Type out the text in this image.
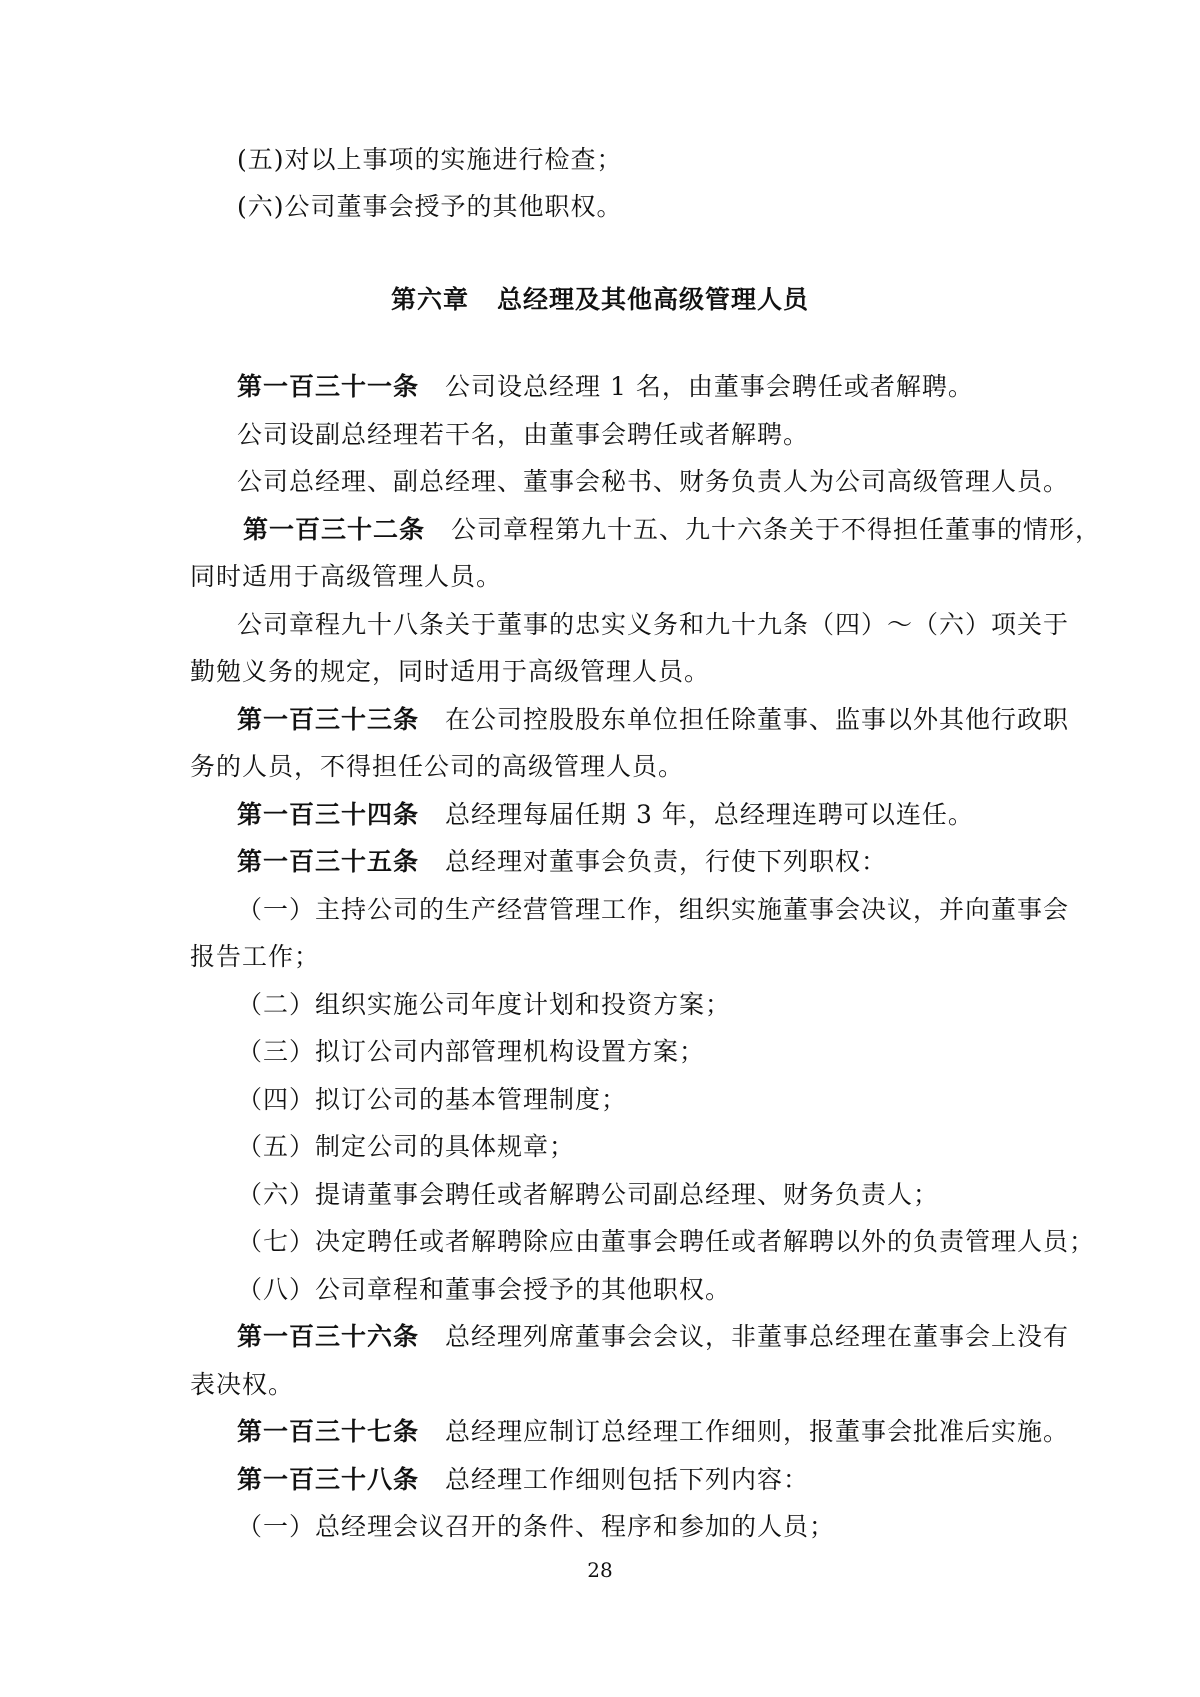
(五)对以上事项的实施进行检查；
(六)公司董事会授予的其他职权。
第六章 总经理及其他高级管理人员
第一百三十一条 公司设总经理 1 名，由董事会聘任或者解聘。
公司设副总经理若干名，由董事会聘任或者解聘。
公司总经理、副总经理、董事会秘书、财务负责人为公司高级管理人员。
第一百三十二条 公司章程第九十五、九十六条关于不得担任董事的情形，
同时适用于高级管理人员。
公司章程九十八条关于董事的忠实义务和九十九条（四）～（六）项关于
勤勉义务的规定，同时适用于高级管理人员。
第一百三十三条 在公司控股股东单位担任除董事、监事以外其他行政职
务的人员，不得担任公司的高级管理人员。
第一百三十四条 总经理每届任期 3 年，总经理连聘可以连任。
第一百三十五条 总经理对董事会负责，行使下列职权：
（一）主持公司的生产经营管理工作，组织实施董事会决议，并向董事会
报告工作；
（二）组织实施公司年度计划和投资方案；
（三）拟订公司内部管理机构设置方案；
（四）拟订公司的基本管理制度；
（五）制定公司的具体规章；
（六）提请董事会聘任或者解聘公司副总经理、财务负责人；
（七）决定聘任或者解聘除应由董事会聘任或者解聘以外的负责管理人员；
（八）公司章程和董事会授予的其他职权。
第一百三十六条 总经理列席董事会会议，非董事总经理在董事会上没有
表决权。
第一百三十七条 总经理应制订总经理工作细则，报董事会批准后实施。
第一百三十八条 总经理工作细则包括下列内容：
（一）总经理会议召开的条件、程序和参加的人员；
28
